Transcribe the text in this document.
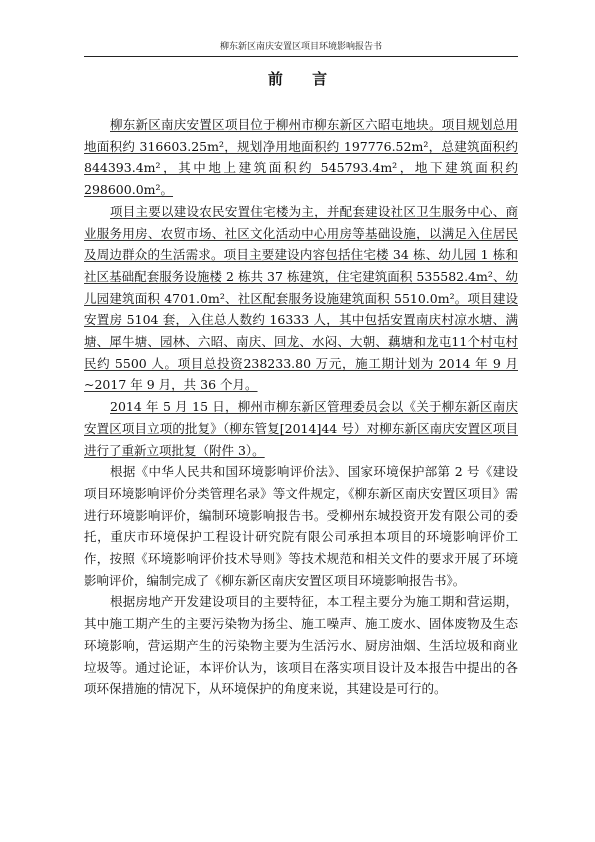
柳东新区南庆安置区项目环境影响报告书
前 言

柳东新区南庆安置区项目位于柳州市柳东新区六昭屯地块。项目规划总用地面积约 316603.25m²，规划净用地面积约 197776.52m²，总建筑面积约 844393.4m²，其中地上建筑面积约 545793.4m²，地下建筑面积约 298600.0m²。

项目主要以建设农民安置住宅楼为主，并配套建设社区卫生服务中心、商业服务用房、农贸市场、社区文化活动中心用房等基础设施，以满足入住居民及周边群众的生活需求。项目主要建设内容包括住宅楼 34 栋、幼儿园 1 栋和社区基础配套服务设施楼 2 栋共 37 栋建筑，住宅建筑面积 535582.4m²、幼儿园建筑面积 4701.0m²、社区配套服务设施建筑面积 5510.0m²。项目建设安置房 5104 套，入住总人数约 16333 人，其中包括安置南庆村凉水塘、满塘、犀牛塘、园林、六昭、南庆、回龙、水闷、大朝、藕塘和龙屯11个村屯村民约 5500 人。项目总投资238233.80 万元，施工期计划为 2014 年 9 月~2017 年 9 月，共 36 个月。

2014 年 5 月 15 日，柳州市柳东新区管理委员会以《关于柳东新区南庆安置区项目立项的批复》（柳东管复[2014]44 号）对柳东新区南庆安置区项目进行了重新立项批复（附件 3）。

根据《中华人民共和国环境影响评价法》、国家环境保护部第 2 号《建设项目环境影响评价分类管理名录》等文件规定，《柳东新区南庆安置区项目》需进行环境影响评价，编制环境影响报告书。受柳州东城投资开发有限公司的委托，重庆市环境保护工程设计研究院有限公司承担本项目的环境影响评价工作，按照《环境影响评价技术导则》等技术规范和相关文件的要求开展了环境影响评价，编制完成了《柳东新区南庆安置区项目环境影响报告书》。

根据房地产开发建设项目的主要特征，本工程主要分为施工期和营运期，其中施工期产生的主要污染物为扬尘、施工噪声、施工废水、固体废物及生态环境影响，营运期产生的污染物主要为生活污水、厨房油烟、生活垃圾和商业垃圾等。通过论证，本评价认为，该项目在落实项目设计及本报告中提出的各项环保措施的情况下，从环境保护的角度来说，其建设是可行的。
